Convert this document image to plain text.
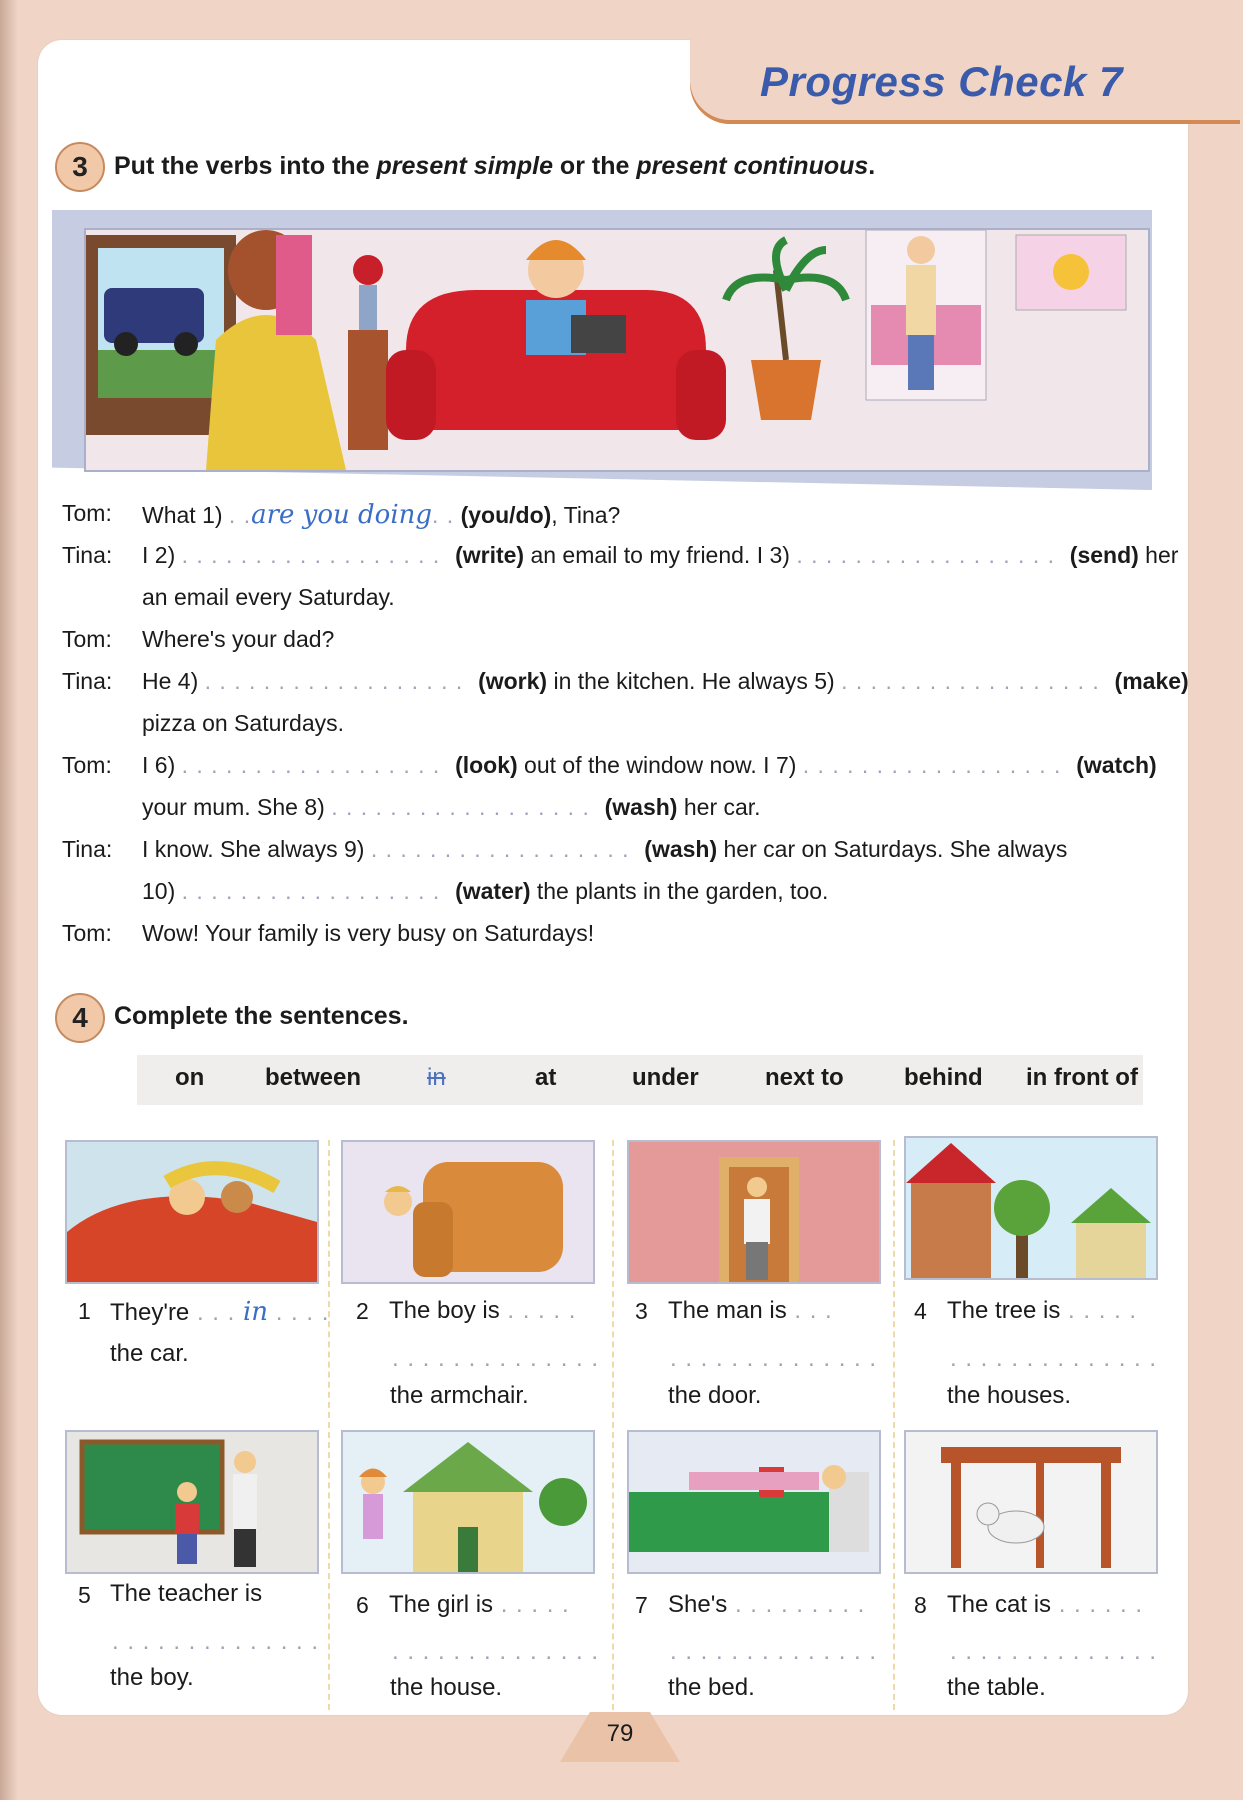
Progress Check 7
3	Put the verbs into the present simple or the present continuous.
Tom:	What 1) . .are you doing. . (you/do), Tina?
Tina:	I 2) . . . . . . . . . . . . . . . . . .  (write) an email to my friend. I 3) . . . . . . . . . . . . . . . . . .  (send) her
an email every Saturday.
Tom:	Where's your dad?
Tina:	He 4) . . . . . . . . . . . . . . . . . .  (work) in the kitchen. He always 5) . . . . . . . . . . . . . . . . . .  (make)
pizza on Saturdays.
Tom:	I 6) . . . . . . . . . . . . . . . . . .  (look) out of the window now. I 7) . . . . . . . . . . . . . . . . . .  (watch)
your mum. She 8) . . . . . . . . . . . . . . . . . .  (wash) her car.
Tina:	I know. She always 9) . . . . . . . . . . . . . . . . . .  (wash) her car on Saturdays. She always
10) . . . . . . . . . . . . . . . . . .  (water) the plants in the garden, too.
Tom:	Wow! Your family is very busy on Saturdays!
4	Complete the sentences.
on	between	in	at	under	next to	behind in front of
1 They're . . . in . . . .
the car.
2 The boy is . . . . .
. . . . . . . . . . . . . .
the armchair.
3 The man is . . .
. . . . . . . . . . . . . .
the door.
4 The tree is . . . . .
. . . . . . . . . . . . . .
the houses.
5 The teacher is
. . . . . . . . . . . . . .
the boy.
6 The girl is . . . . .
. . . . . . . . . . . . . .
the house.
7 She's . . . . . . . . .
. . . . . . . . . . . . . .
the bed.
8 The cat is . . . . . .
. . . . . . . . . . . . . .
the table.
79
